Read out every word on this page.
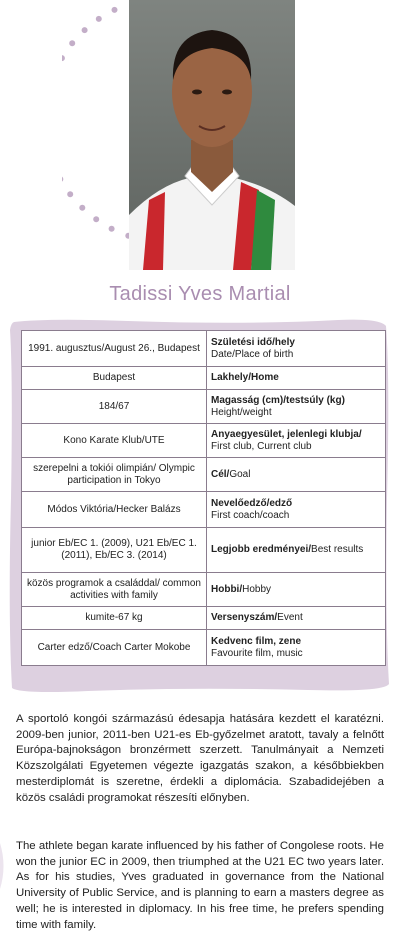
Tadissi Yves Martial
1991. augusztus/August 26., Budapest	Születési idő/hely
Date/Place of birth
Budapest	Lakhely/Home
184/67	Magasság (cm)/testsúly (kg)
Height/weight
Kono Karate Klub/UTE	Anyaegyesület, jelenlegi klubja/
First club, Current club
szerepelni a tokiói olimpián/ Olympic participation in Tokyo	Cél/Goal
Módos Viktória/Hecker Balázs	Nevelőedző/edző
First coach/coach
junior Eb/EC 1. (2009), U21 Eb/EC 1. (2011), Eb/EC 3. (2014)	Legjobb eredményei/Best results
közös programok a családdal/ common activities with family	Hobbi/Hobby
kumite-67 kg	Versenyszám/Event
Carter edző/Coach Carter Mokobe	Kedvenc film, zene
Favourite film, music
A sportoló kongói származású édesapja hatására kezdett el karatézni. 2009-ben junior, 2011-ben U21-es Eb-győzelmet aratott, tavaly a felnőtt Európa-bajnokságon bronzérmett szerzett. Tanulmányait a Nemzeti Közszolgálati Egyetemen végezte igazgatás szakon, a későbbiekben mesterdiplomát is szeretne, érdekli a diplomácia. Szabadidejében a közös családi programokat részesíti előnyben.
The athlete began karate influenced by his father of Congolese roots. He won the junior EC in 2009, then triumphed at the U21 EC two years later. As for his studies, Yves graduated in governance from the National University of Public Service, and is planning to earn a masters degree as well; he is interested in diplomacy. In his free time, he prefers spending time with family.
